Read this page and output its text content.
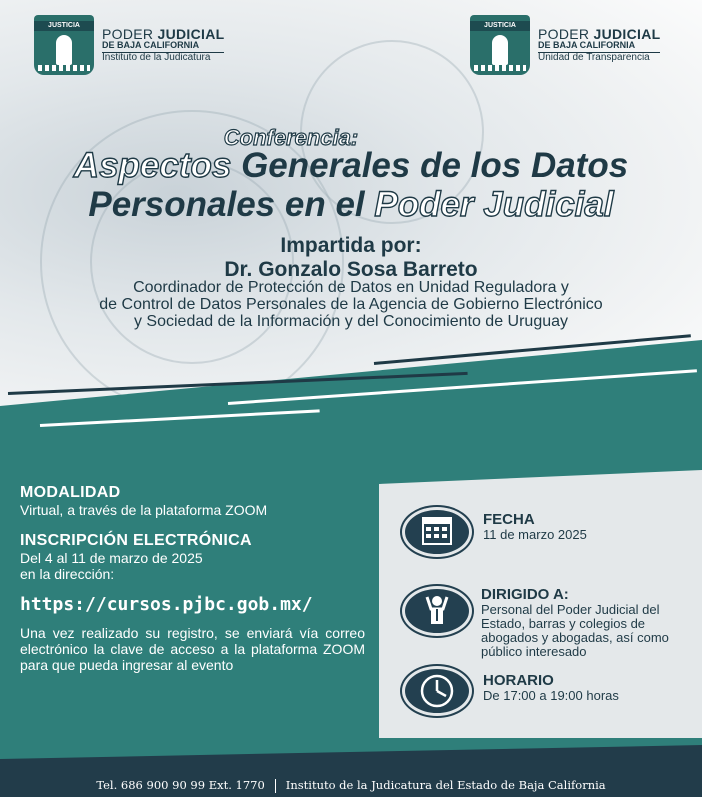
JUSTICIA
PODER JUDICIAL
DE BAJA CALIFORNIA
Instituto de la Judicatura
JUSTICIA
PODER JUDICIAL
DE BAJA CALIFORNIA
Unidad de Transparencia
Conferencia:
Aspectos Generales de los Datos
Personales en el Poder Judicial
Impartida por:
Dr. Gonzalo Sosa Barreto
Coordinador de Protección de Datos en Unidad Reguladora y
de Control de Datos Personales de la Agencia de Gobierno Electrónico
y Sociedad de la Información y del Conocimiento de Uruguay
MODALIDAD
Virtual, a través de la plataforma ZOOM
INSCRIPCIÓN ELECTRÓNICA
Del 4 al 11 de marzo de 2025
en la dirección:
https://cursos.pjbc.gob.mx/
Una vez realizado su registro, se enviará vía correo electrónico la clave de acceso a la plataforma ZOOM para que pueda ingresar al evento
FECHA
11 de marzo 2025
DIRIGIDO A:
Personal del Poder Judicial del Estado, barras y colegios de abogados y abogadas, así como público interesado
HORARIO
De 17:00 a 19:00 horas
Tel. 686 900 90 99 Ext. 1770 Instituto de la Judicatura del Estado de Baja California
